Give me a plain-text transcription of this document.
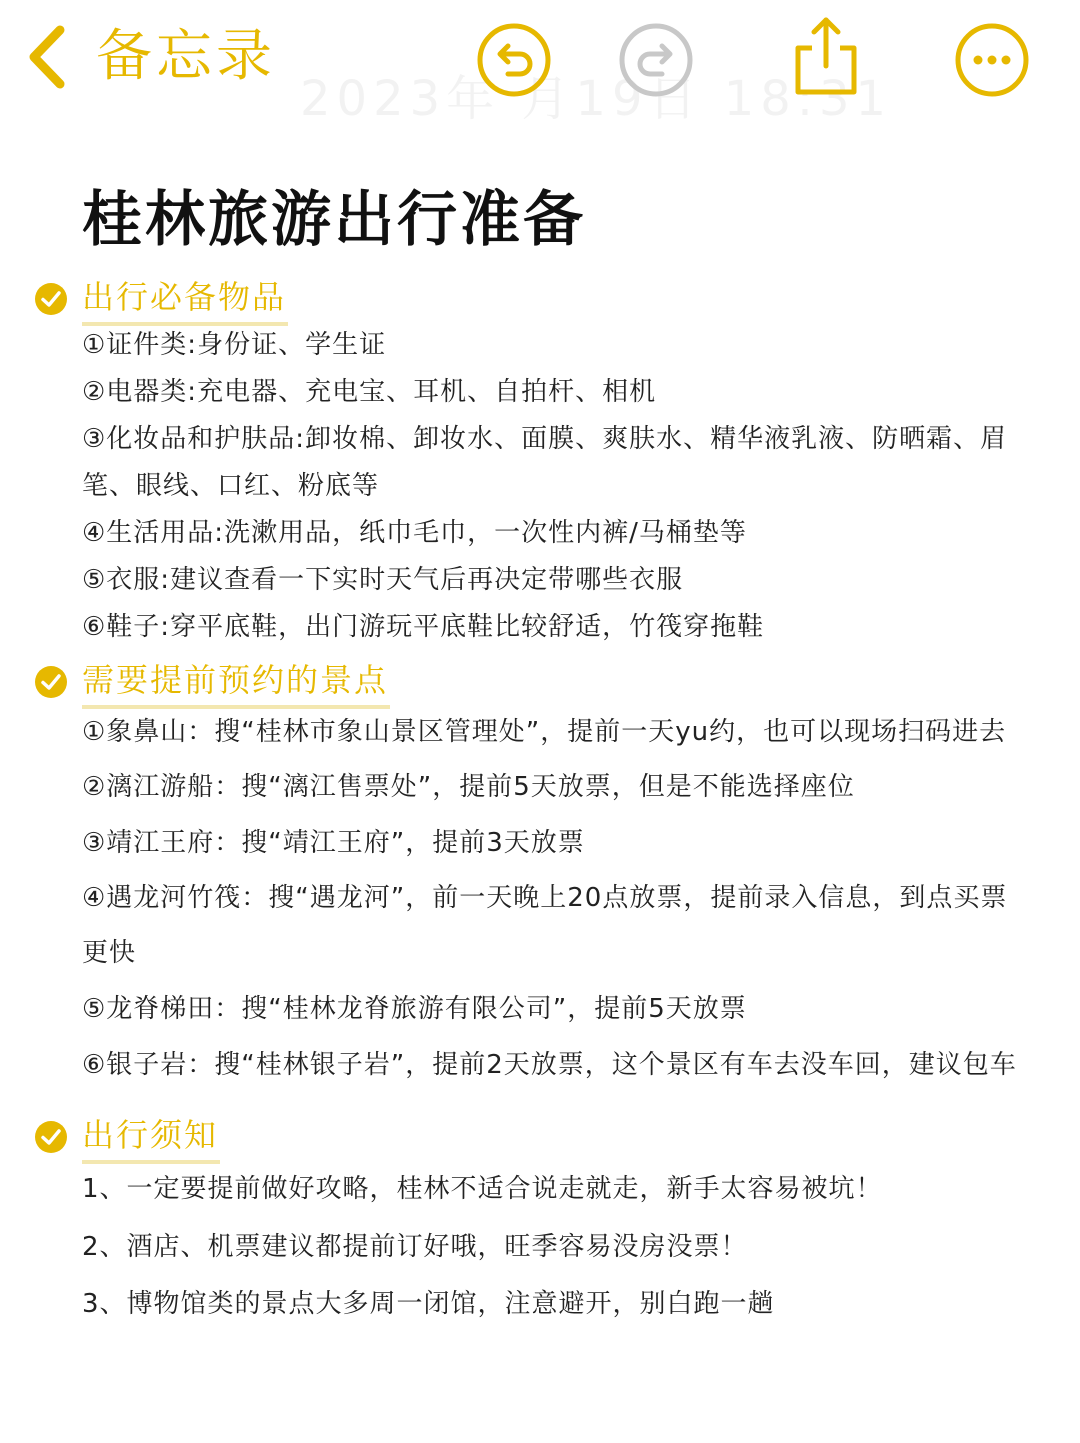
2023年 月19日 18:31
备忘录
桂林旅游出行准备
出行必备物品
①证件类:身份证、学生证
②电器类:充电器、充电宝、耳机、自拍杆、相机
③化妆品和护肤品:卸妆棉、卸妆水、面膜、爽肤水、精华液乳液、防晒霜、眉
笔、眼线、口红、粉底等
④生活用品:洗漱用品，纸巾毛巾，一次性内裤/马桶垫等
⑤衣服:建议查看一下实时天气后再决定带哪些衣服
⑥鞋子:穿平底鞋，出门游玩平底鞋比较舒适，竹筏穿拖鞋
需要提前预约的景点
①象鼻山：搜“桂林市象山景区管理处”，提前一天yu约，也可以现场扫码进去
②漓江游船：搜“漓江售票处”，提前5天放票，但是不能选择座位
③靖江王府：搜“靖江王府”，提前3天放票
④遇龙河竹筏：搜“遇龙河”，前一天晚上20点放票，提前录入信息，到点买票
更快
⑤龙脊梯田：搜“桂林龙脊旅游有限公司”，提前5天放票
⑥银子岩：搜“桂林银子岩”，提前2天放票，这个景区有车去没车回，建议包车
出行须知
1、一定要提前做好攻略，桂林不适合说走就走，新手太容易被坑！
2、酒店、机票建议都提前订好哦，旺季容易没房没票！
3、博物馆类的景点大多周一闭馆，注意避开，别白跑一趟
